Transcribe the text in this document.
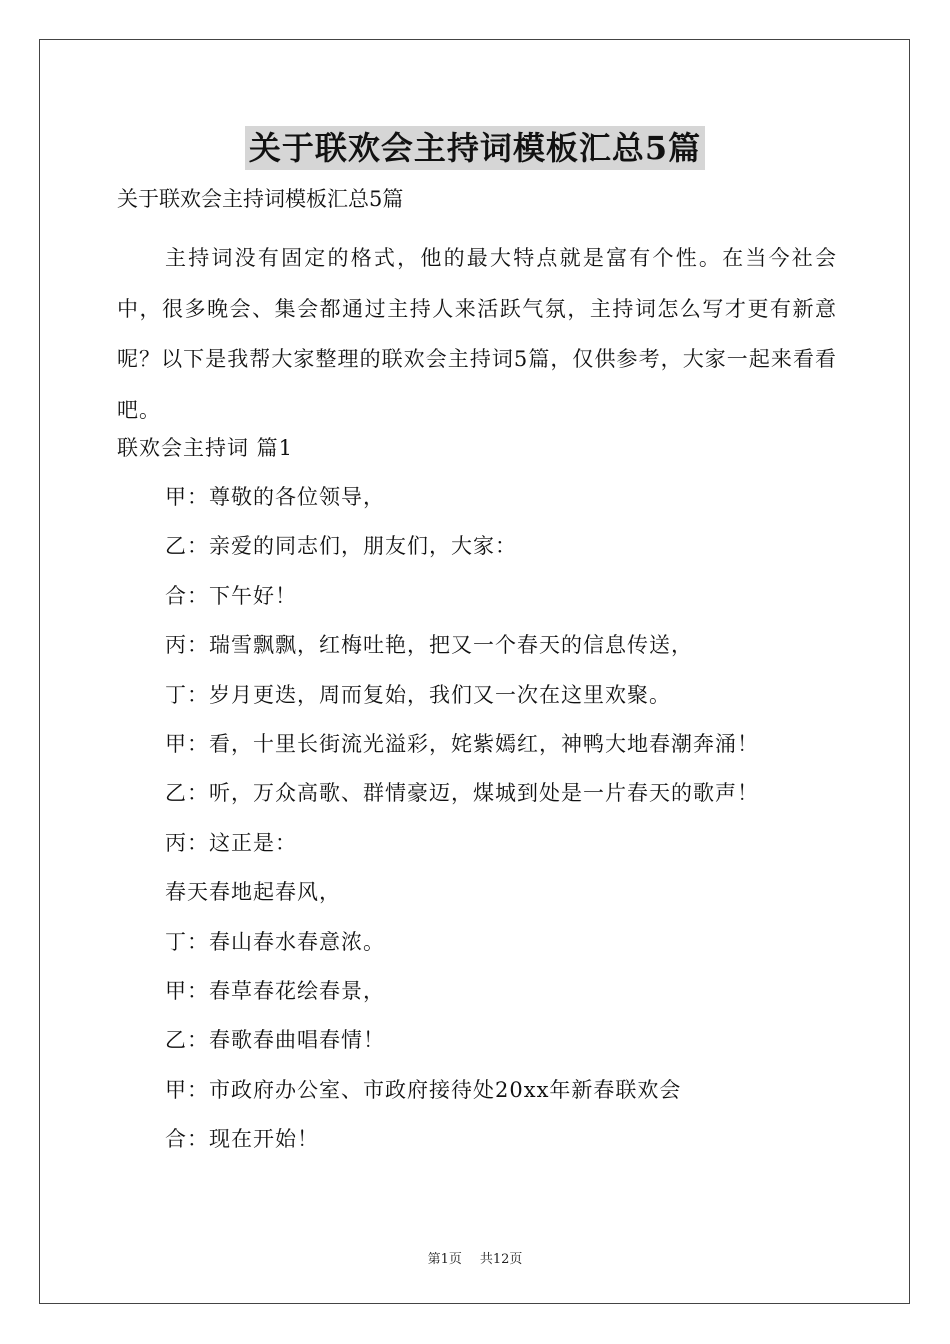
关于联欢会主持词模板汇总5篇
关于联欢会主持词模板汇总5篇
主持词没有固定的格式，他的最大特点就是富有个性。在当今社会中，很多晚会、集会都通过主持人来活跃气氛，主持词怎么写才更有新意呢？以下是我帮大家整理的联欢会主持词5篇，仅供参考，大家一起来看看吧。
联欢会主持词 篇1
甲：尊敬的各位领导，
乙：亲爱的同志们，朋友们，大家：
合：下午好！
丙：瑞雪飘飘，红梅吐艳，把又一个春天的信息传送，
丁：岁月更迭，周而复始，我们又一次在这里欢聚。
甲：看，十里长街流光溢彩，姹紫嫣红，神鸭大地春潮奔涌！
乙：听，万众高歌、群情豪迈，煤城到处是一片春天的歌声！
丙：这正是：
春天春地起春风，
丁：春山春水春意浓。
甲：春草春花绘春景，
乙：春歌春曲唱春情！
甲：市政府办公室、市政府接待处20xx年新春联欢会
合：现在开始！
第1页 共12页
